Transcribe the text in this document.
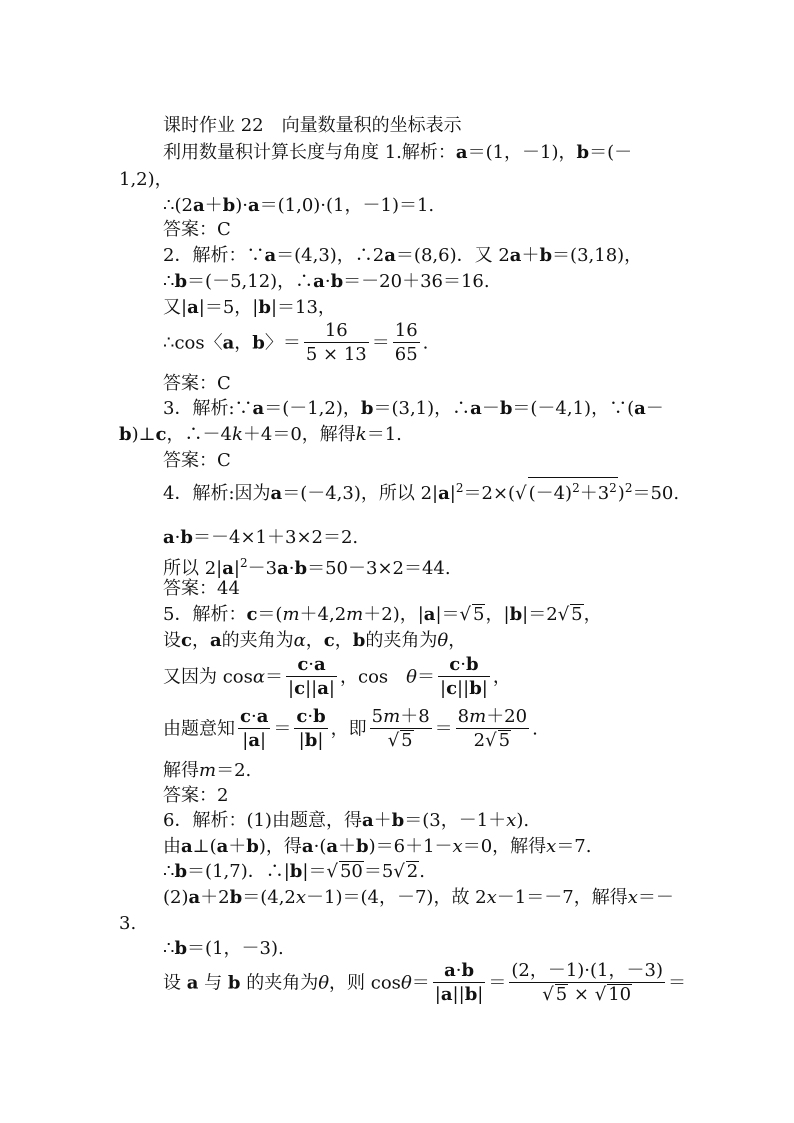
课时作业 22　向量数量积的坐标表示
利用数量积计算长度与角度 1.解析：a＝(1，－1)，b＝(－
1,2)，
∴(2a＋b)·a＝(1,0)·(1，－1)＝1.
答案：C
2．解析：∵a＝(4,3)，∴2a＝(8,6)．又 2a＋b＝(3,18)，
∴b＝(－5,12)，∴a·b＝－20＋36＝16.
又|a|＝5，|b|＝13，
∴cos〈a，b〉＝ $\frac{16}{5 \times 13} = \frac{16}{65}$ .
答案：C
3．解析:∵a＝(－1,2)，b＝(3,1)，∴a－b＝(－4,1)，∵(a－
b)⊥c，∴－4k＋4＝0，解得k＝1.
答案：C
4．解析:因为a＝(－4,3)，所以 $2|a|^2=2\times(√$ $(-4)^2+3^2)^2=50$.
a·b＝－4×1＋3×2＝2.
所以 $2|a|^2-3a\cdot b=50-3\times 2=44$.
答案：44
5．解析：c＝(m＋4,2m＋2)，|a|＝√ 5，|b|＝2√ 5，
设c，a的夹角为α，c，b的夹角为θ，
又因为 $\cos\alpha= \frac{c\cdot a}{|c||a|}$ ，cos　$\theta= \frac{c\cdot b}{|c||b|}$ ，
由题意知 $\frac{c\cdot a}{|a|} = \frac{c\cdot b}{|b|}$ ，即 $\frac{5m+8}{√ 5} = \frac{8m+20}{2√ 5}$ .
解得m＝2.
答案：2
6．解析：(1)由题意，得a＋b＝(3，－1＋x).
由a⊥(a＋b)，得a·(a＋b)＝6＋1－x＝0，解得x＝7.
∴b＝(1,7)．∴|b|＝√ 50＝5√ 2.
(2)a＋2b＝(4,2x－1)＝(4，－7)，故 2x－1＝－7，解得x＝－
3.
∴b＝(1，－3).
设 a 与 b 的夹角为θ，则 $\cos\theta= \frac{a\cdot b}{|a||b|} = \frac{(2,-1)\cdot(1,-3)}{√ 5 \times √ 10}$ ＝
